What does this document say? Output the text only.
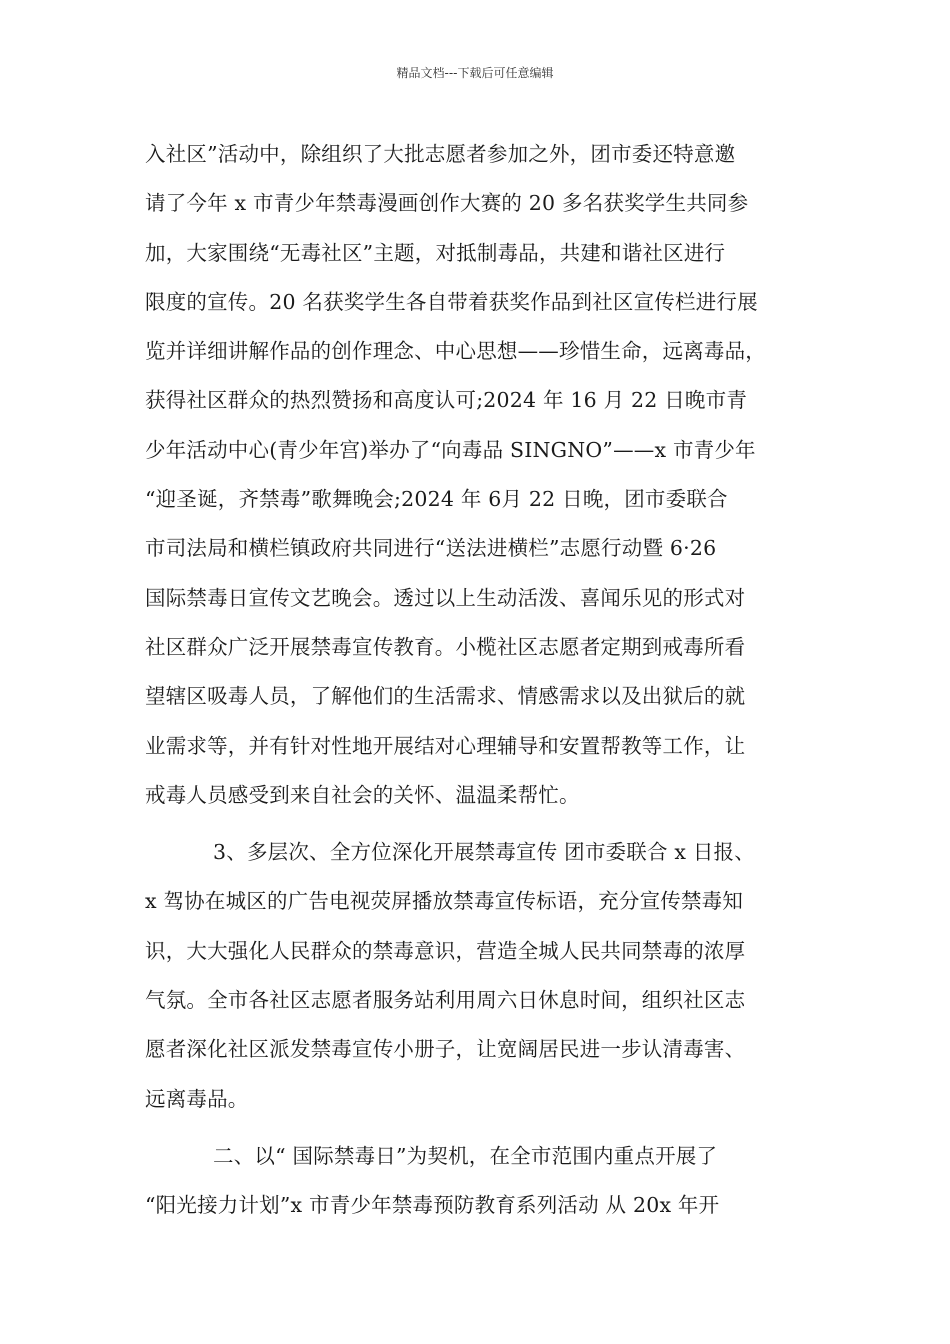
精品文档---下载后可任意编辑
入社区”活动中，除组织了大批志愿者参加之外，团市委还特意邀
请了今年 x 市青少年禁毒漫画创作大赛的 20 多名获奖学生共同参
加，大家围绕“无毒社区”主题，对抵制毒品，共建和谐社区进行
限度的宣传。20 名获奖学生各自带着获奖作品到社区宣传栏进行展
览并详细讲解作品的创作理念、中心思想——珍惜生命，远离毒品，
获得社区群众的热烈赞扬和高度认可;2024 年 16 月 22 日晚市青
少年活动中心(青少年宫)举办了“向毒品 SINGNO”——x 市青少年
“迎圣诞，齐禁毒”歌舞晚会;2024 年 6月 22 日晚，团市委联合
市司法局和横栏镇政府共同进行“送法进横栏”志愿行动暨 6·26
国际禁毒日宣传文艺晚会。透过以上生动活泼、喜闻乐见的形式对
社区群众广泛开展禁毒宣传教育。小榄社区志愿者定期到戒毒所看
望辖区吸毒人员，了解他们的生活需求、情感需求以及出狱后的就
业需求等，并有针对性地开展结对心理辅导和安置帮教等工作，让
戒毒人员感受到来自社会的关怀、温温柔帮忙。
3、多层次、全方位深化开展禁毒宣传 团市委联合 x 日报、
x 驾协在城区的广告电视荧屏播放禁毒宣传标语，充分宣传禁毒知
识，大大强化人民群众的禁毒意识，营造全城人民共同禁毒的浓厚
气氛。全市各社区志愿者服务站利用周六日休息时间，组织社区志
愿者深化社区派发禁毒宣传小册子，让宽阔居民进一步认清毒害、
远离毒品。
二、以“ 国际禁毒日”为契机，在全市范围内重点开展了
“阳光接力计划”x 市青少年禁毒预防教育系列活动 从 20x 年开
